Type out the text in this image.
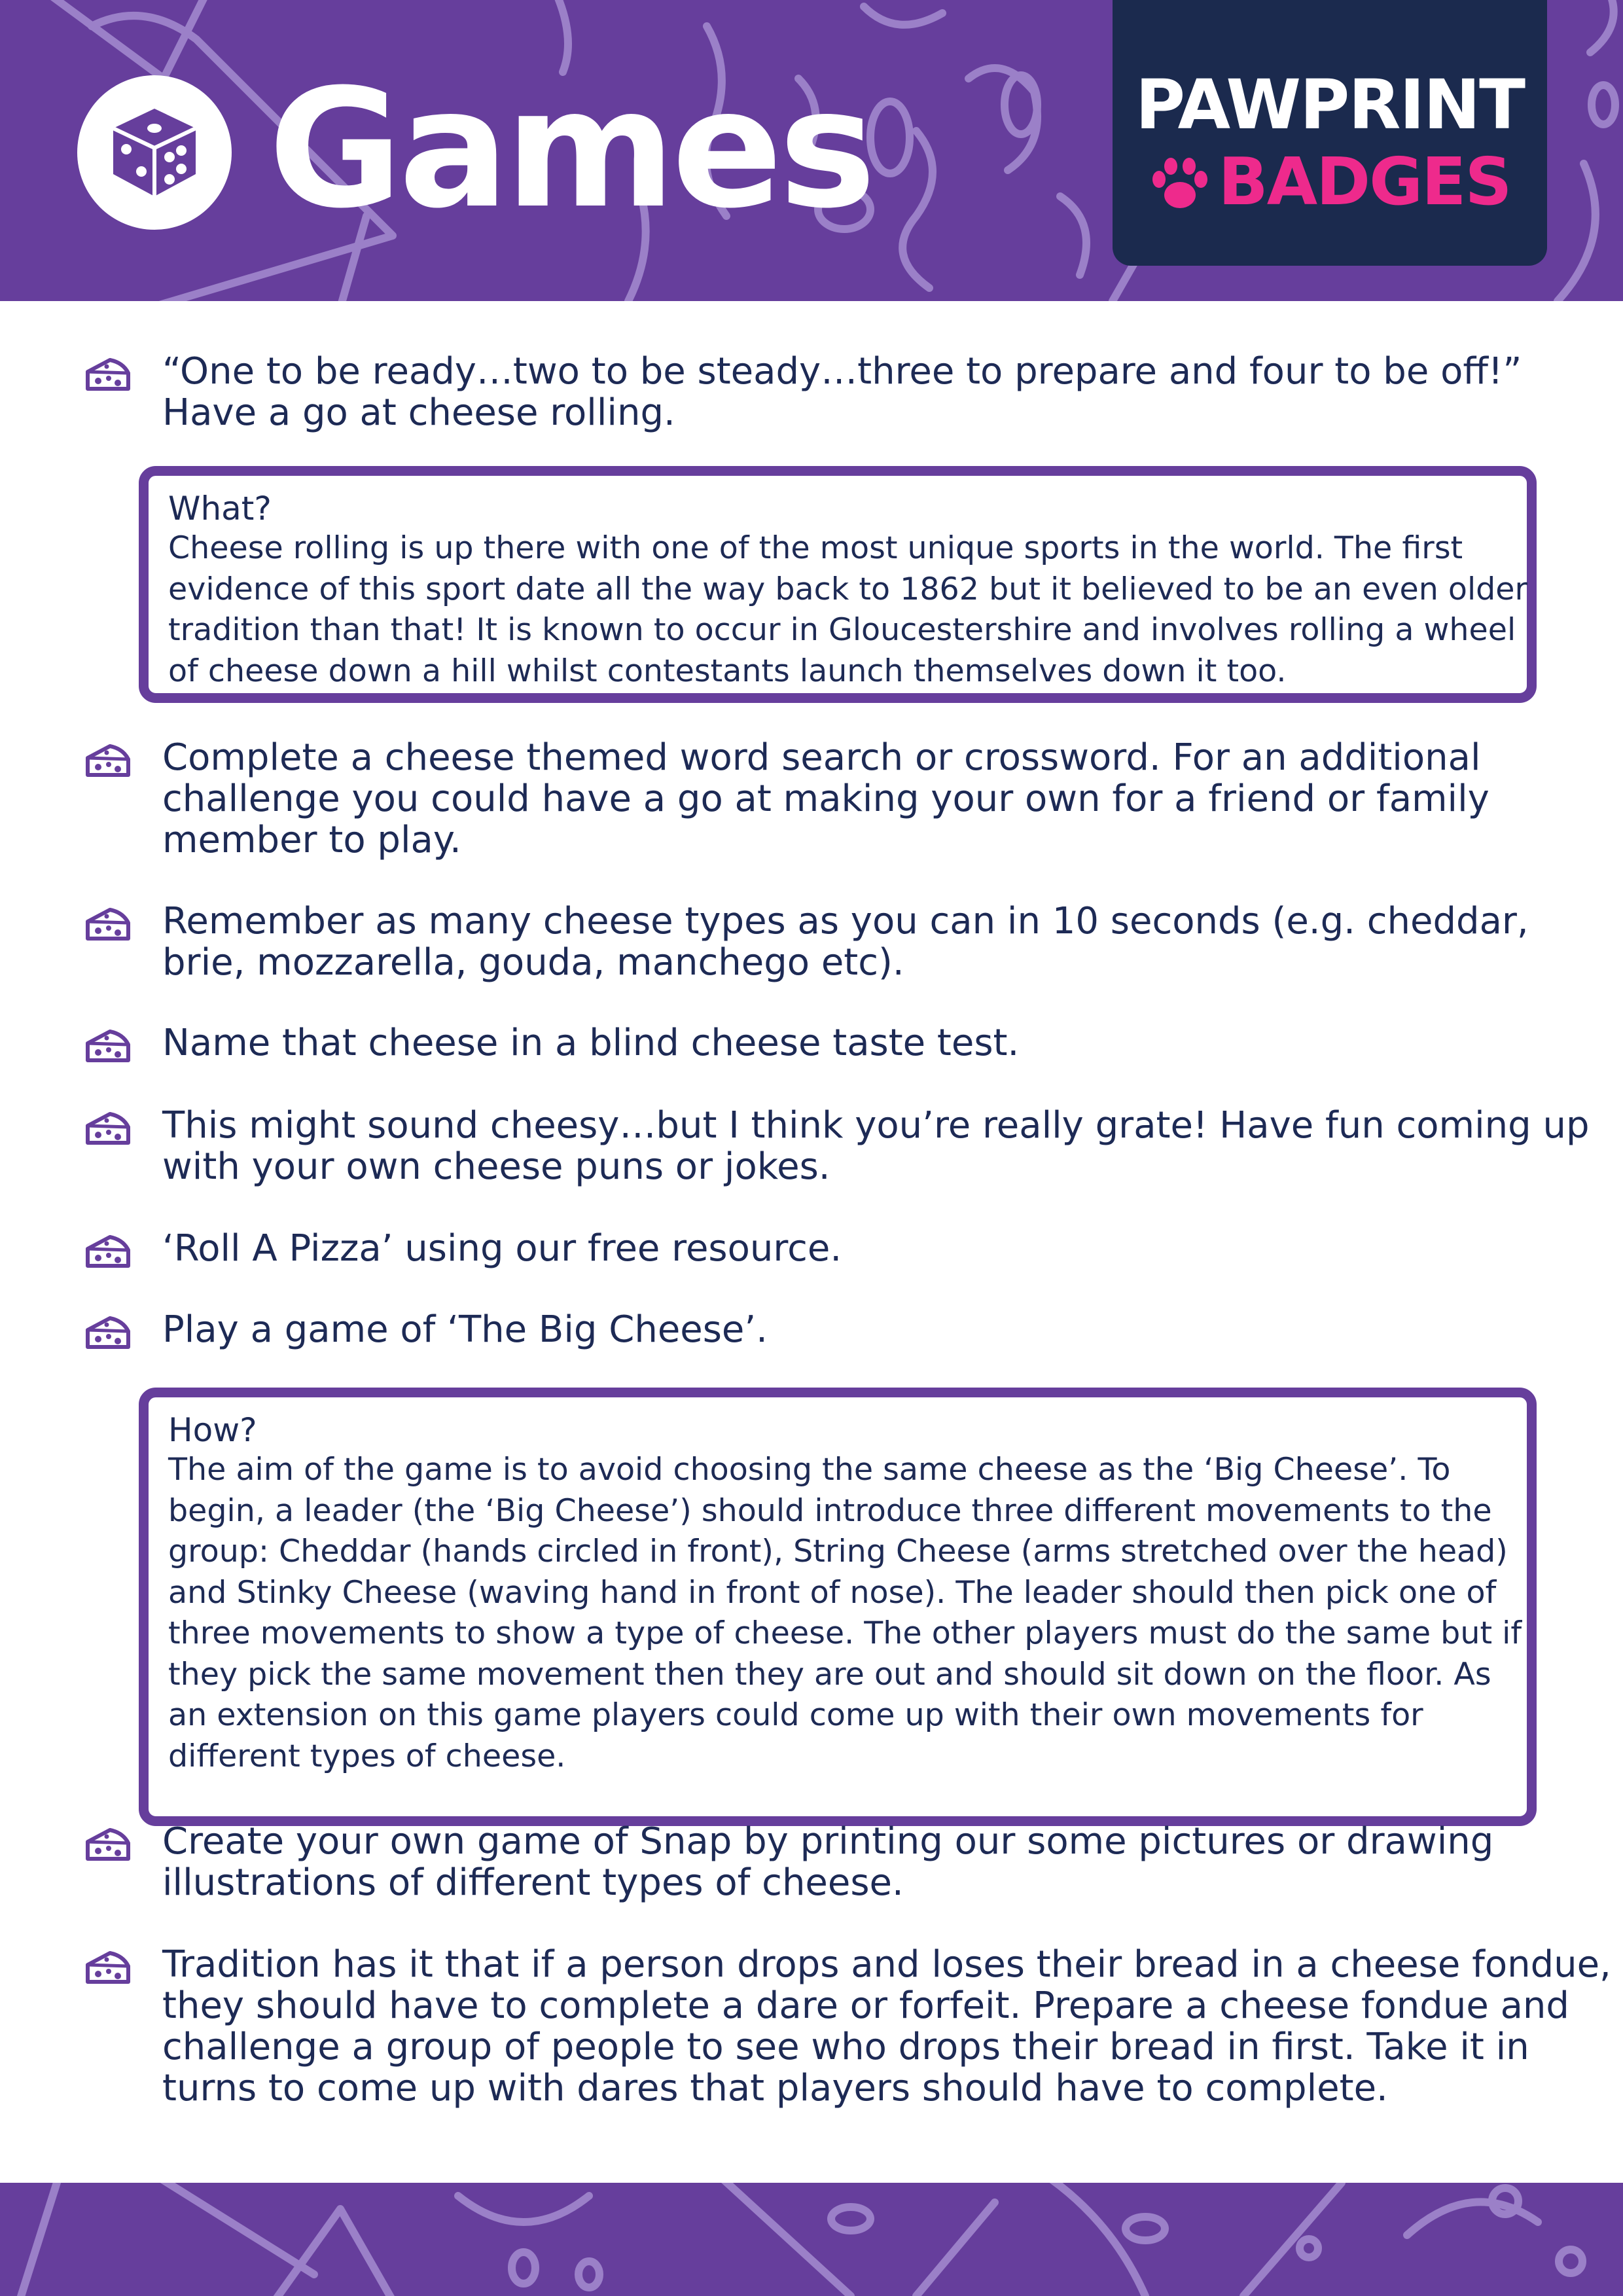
Games	PAWPRINT
BADGES
“One to be ready…two to be steady…three to prepare and four to be off!” Have a go at cheese rolling.
What?
Cheese rolling is up there with one of the most unique sports in the world. The first evidence of this sport date all the way back to 1862 but it believed to be an even older tradition than that! It is known to occur in Gloucestershire and involves rolling a wheel of cheese down a hill whilst contestants launch themselves down it too.
Complete a cheese themed word search or crossword. For an additional challenge you could have a go at making your own for a friend or family member to play.
Remember as many cheese types as you can in 10 seconds (e.g. cheddar, brie, mozzarella, gouda, manchego etc).
Name that cheese in a blind cheese taste test.
This might sound cheesy…but I think you’re really grate! Have fun coming up with your own cheese puns or jokes.
‘Roll A Pizza’ using our free resource.
Play a game of ‘The Big Cheese’.
How?
The aim of the game is to avoid choosing the same cheese as the ‘Big Cheese’. To begin, a leader (the ‘Big Cheese’) should introduce three different movements to the group: Cheddar (hands circled in front), String Cheese (arms stretched over the head) and Stinky Cheese (waving hand in front of nose). The leader should then pick one of three movements to show a type of cheese. The other players must do the same but if they pick the same movement then they are out and should sit down on the floor. As an extension on this game players could come up with their own movements for different types of cheese.
Create your own game of Snap by printing our some pictures or drawing illustrations of different types of cheese.
Tradition has it that if a person drops and loses their bread in a cheese fondue, they should have to complete a dare or forfeit. Prepare a cheese fondue and challenge a group of people to see who drops their bread in first. Take it in turns to come up with dares that players should have to complete.
